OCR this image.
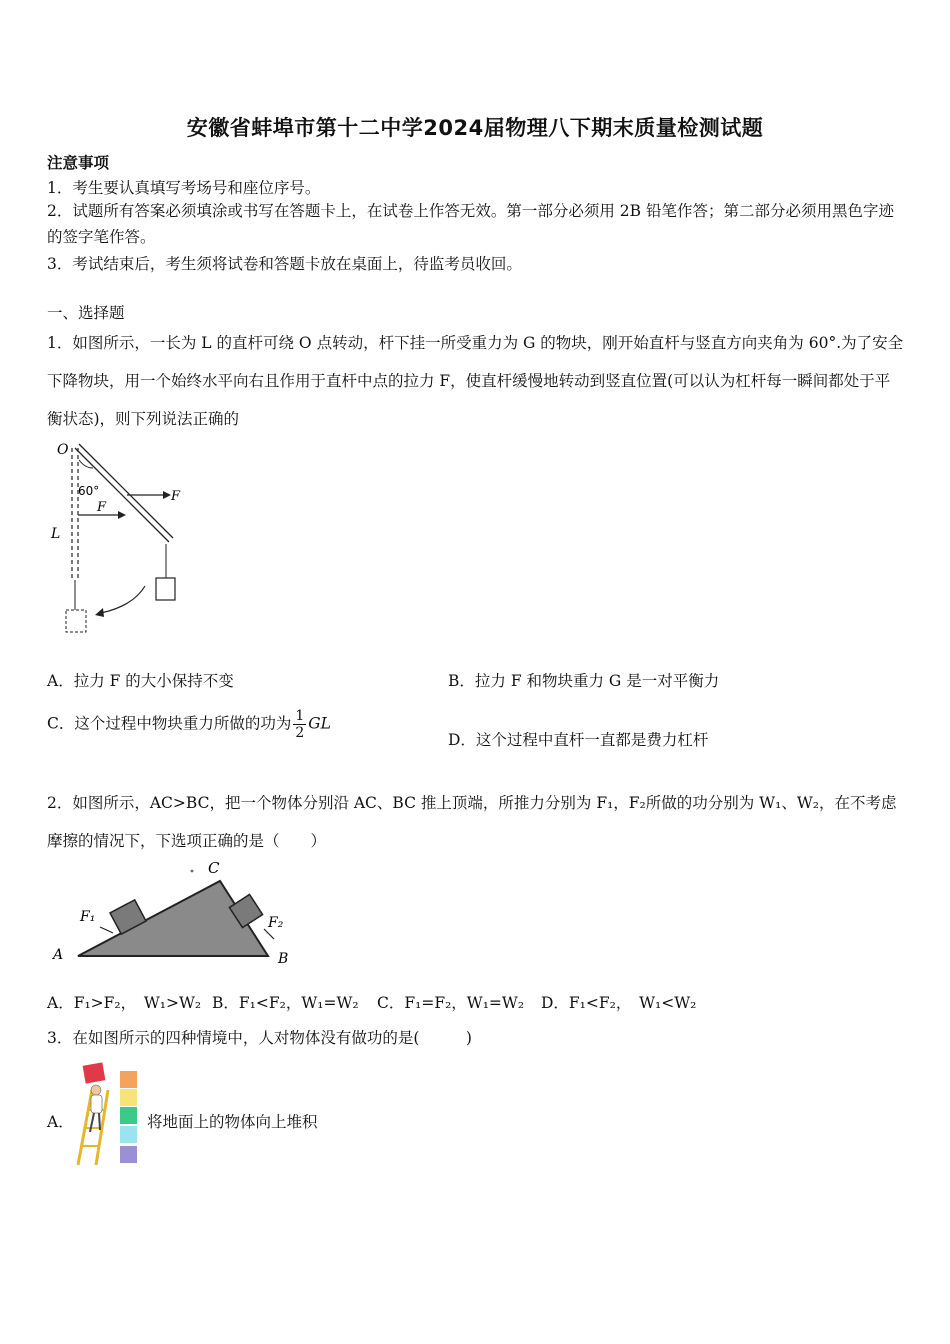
安徽省蚌埠市第十二中学2024届物理八下期末质量检测试题
注意事项
1．考生要认真填写考场号和座位序号。
2．试题所有答案必须填涂或书写在答题卡上，在试卷上作答无效。第一部分必须用 2B 铅笔作答；第二部分必须用黑色字迹的签字笔作答。
3．考试结束后，考生须将试卷和答题卡放在桌面上，待监考员收回。
一、选择题
1．如图所示，一长为 L 的直杆可绕 O 点转动，杆下挂一所受重力为 G 的物块，刚开始直杆与竖直方向夹角为 60°.为了安全下降物块，用一个始终水平向右且作用于直杆中点的拉力 F，使直杆缓慢地转动到竖直位置(可以认为杠杆每一瞬间都处于平衡状态)，则下列说法正确的
O
60°	F
F
L
A．拉力 F 的大小保持不变	B．拉力 F 和物块重力 G 是一对平衡力
C．这个过程中物块重力所做的功为 $\frac{1}{2}$ GL
D．这个过程中直杆一直都是费力杠杆
2．如图所示，AC>BC，把一个物体分别沿 AC、BC 推上顶端，所推力分别为 F₁，F₂所做的功分别为 W₁、W₂，在不考虑摩擦的情况下，下选项正确的是（　　）
A	B
C
F₁	F₂
A．F₁>F₂，　W₁>W₂ B．F₁<F₂，W₁=W₂ C．F₁=F₂，W₁=W₂ D．F₁<F₂，　W₁<W₂
3．在如图所示的四种情境中，人对物体没有做功的是(　　　)
A．	将地面上的物体向上堆积
